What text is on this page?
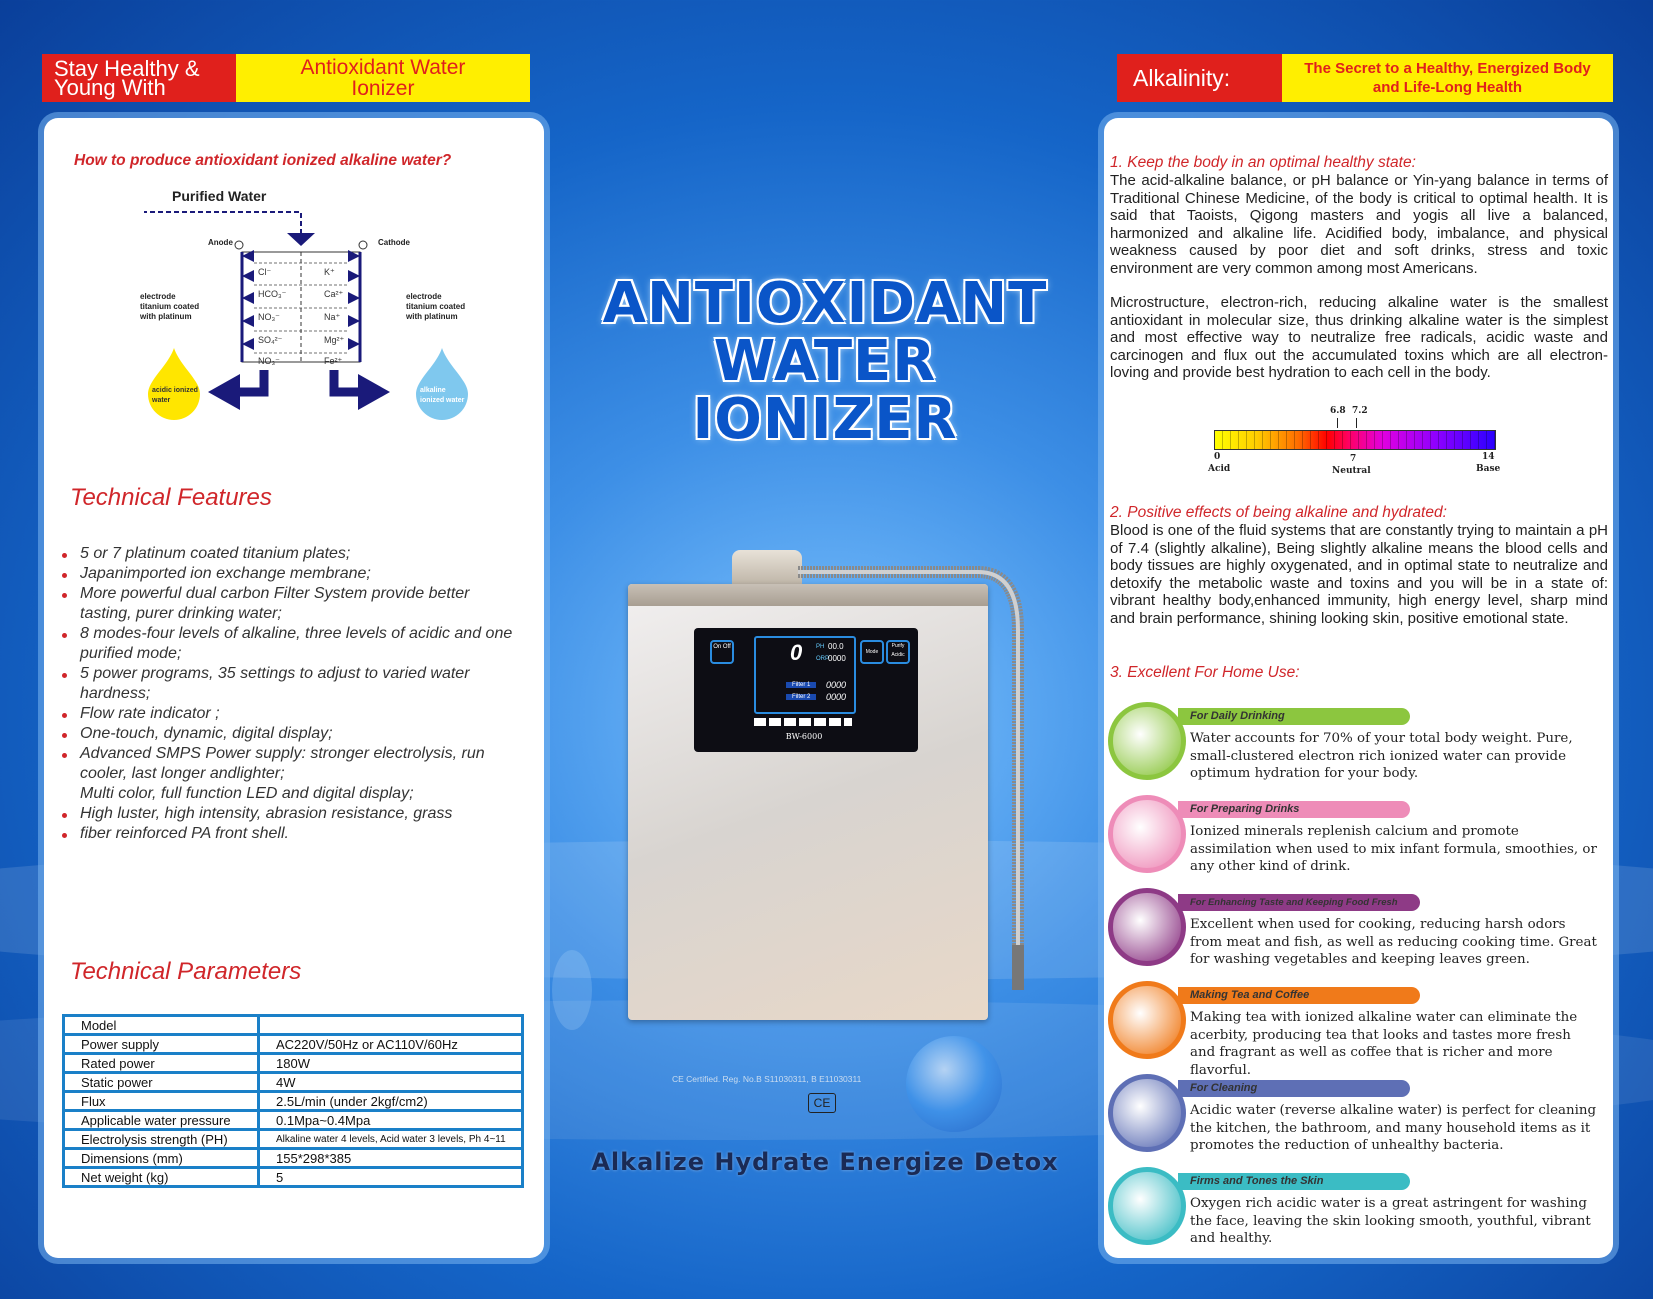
Stay Healthy & Young With
Antioxidant Water Ionizer	Alkalinity:	The Secret to a Healthy, Energized Body and Life-Long Health
How to produce antioxidant ionized alkaline water?
Purified Water
Anode	Cathode
electrode titanium coated with platinum
electrode titanium coated with platinum
Cl⁻
HCO₃⁻
NO₃⁻
SO₄²⁻
NO₃⁻
K⁺
Ca²⁺
Na⁺
Mg²⁺
Fe²⁺
acidic ionized water
alkaline ionized water
Technical Features
5 or 7 platinum coated titanium plates;
Japanimported ion exchange membrane;
More powerful dual carbon Filter System provide better tasting, purer drinking water;
8 modes-four levels of alkaline, three levels of acidic and one purified mode;
5 power programs, 35 settings to adjust to varied water hardness;
Flow rate indicator ;
One-touch, dynamic, digital display;
Advanced SMPS Power supply: stronger electrolysis, run cooler, last longer andlighter;
Multi color, full function LED and digital display;
High luster, high intensity, abrasion resistance, grass
fiber reinforced PA front shell.
Technical Parameters
Model	
Power supply	AC220V/50Hz or AC110V/60Hz
Rated power	180W
Static power	4W
Flux	2.5L/min (under 2kgf/cm2)
Applicable water pressure	0.1Mpa~0.4Mpa
Electrolysis strength (PH)	Alkaline water 4 levels, Acid water 3 levels, Ph 4~11
Dimensions (mm)	155*298*385
Net weight (kg)	5
ANTIOXIDANT
WATER IONIZER
On Off	0 PH 00.0
ORP
0000
Filter 1	0000
Filter 2	0000
Mode
Purify Acidic
BW-6000
CE Certified. Reg. No.B S11030311, B E11030311
CE
Alkalize Hydrate Energize Detox
1. Keep the body in an optimal healthy state:
The acid-alkaline balance, or pH balance or Yin-yang balance in terms of Traditional Chinese Medicine, of the body is critical to optimal health. It is said that Taoists, Qigong masters and yogis all live a balanced, harmonized and alkaline life. Acidified body, imbalance, and physical weakness caused by poor diet and soft drinks, stress and toxic environment are very common among most Americans.
Microstructure, electron-rich, reducing alkaline water is the smallest antioxidant in molecular size, thus drinking alkaline water is the simplest and most effective way to neutralize free radicals, acidic waste and carcinogen and flux out the accumulated toxins which are all electron-loving and provide best hydration to each cell in the body.
6.8 7.2
0	7	14
Acid	Neutral	Base
2. Positive effects of being alkaline and hydrated:
Blood is one of the fluid systems that are constantly trying to maintain a pH of 7.4 (slightly alkaline), Being slightly alkaline means the blood cells and body tissues are highly oxygenated, and in optimal state to neutralize and detoxify the metabolic waste and toxins and you will be in a state of: vibrant healthy body,enhanced immunity, high energy level, sharp mind and brain performance, shining looking skin, positive emotional state.
3. Excellent For Home Use:
For Daily Drinking
Water accounts for 70% of your total body weight. Pure, small-clustered electron rich ionized water can provide optimum hydration for your body.
For Preparing Drinks
Ionized minerals replenish calcium and promote assimilation when used to mix infant formula, smoothies, or any other kind of drink.
For Enhancing Taste and Keeping Food Fresh
Excellent when used for cooking, reducing harsh odors from meat and fish, as well as reducing cooking time. Great for washing vegetables and keeping leaves green.
Making Tea and Coffee
Making tea with ionized alkaline water can eliminate the acerbity, producing tea that looks and tastes more fresh and fragrant as well as coffee that is richer and more flavorful.
For Cleaning
Acidic water (reverse alkaline water) is perfect for cleaning the kitchen, the bathroom, and many household items as it promotes the reduction of unhealthy bacteria.
Firms and Tones the Skin
Oxygen rich acidic water is a great astringent for washing the face, leaving the skin looking smooth, youthful, vibrant and healthy.
